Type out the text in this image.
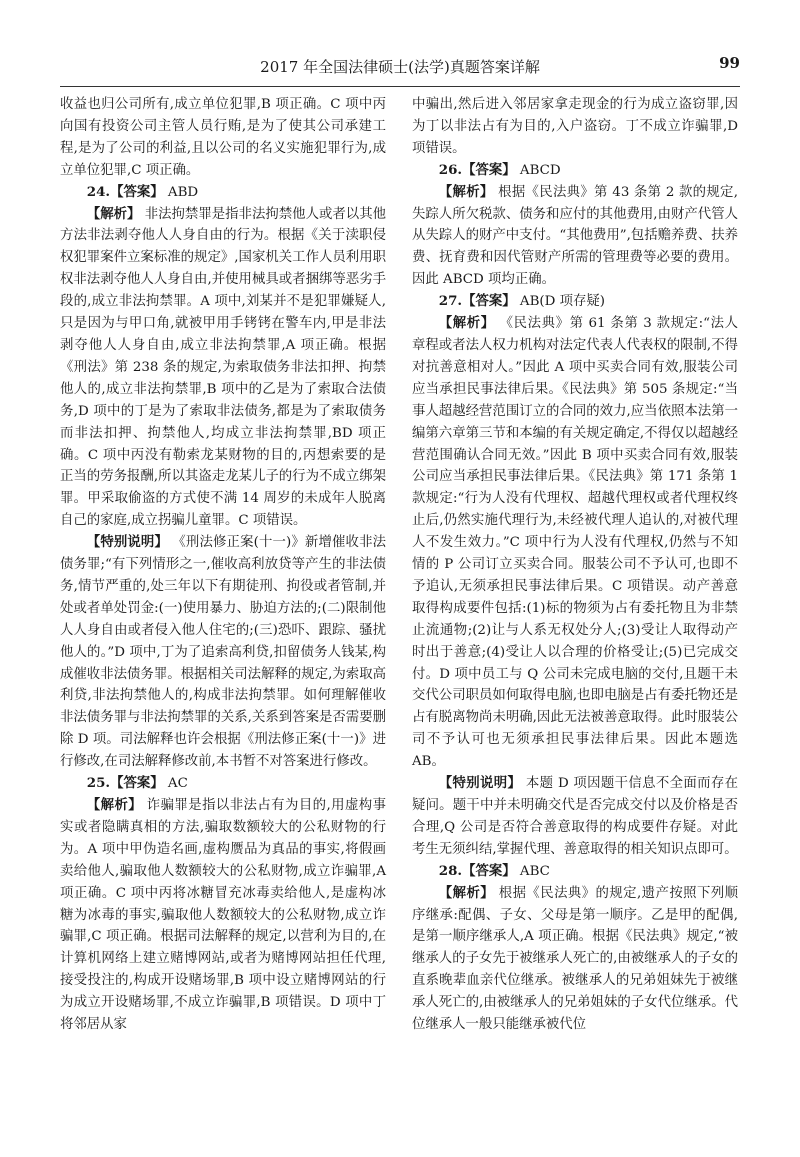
2017 年全国法律硕士(法学)真题答案详解	99

收益也归公司所有,成立单位犯罪,B 项正确。C 项中丙向国有投资公司主管人员行贿,是为了使其公司承建工程,是为了公司的利益,且以公司的名义实施犯罪行为,成立单位犯罪,C 项正确。

24.【答案】 ABD

【解析】 非法拘禁罪是指非法拘禁他人或者以其他方法非法剥夺他人人身自由的行为。根据《关于渎职侵权犯罪案件立案标准的规定》,国家机关工作人员利用职权非法剥夺他人人身自由,并使用械具或者捆绑等恶劣手段的,成立非法拘禁罪。A 项中,刘某并不是犯罪嫌疑人,只是因为与甲口角,就被甲用手铐铐在警车内,甲是非法剥夺他人人身自由,成立非法拘禁罪,A 项正确。根据《刑法》第 238 条的规定,为索取债务非法扣押、拘禁他人的,成立非法拘禁罪,B 项中的乙是为了索取合法债务,D 项中的丁是为了索取非法债务,都是为了索取债务而非法扣押、拘禁他人,均成立非法拘禁罪,BD 项正确。C 项中丙没有勒索龙某财物的目的,丙想索要的是正当的劳务报酬,所以其盗走龙某儿子的行为不成立绑架罪。甲采取偷盗的方式使不满 14 周岁的未成年人脱离自己的家庭,成立拐骗儿童罪。C 项错误。

【特别说明】 《刑法修正案(十一)》新增催收非法债务罪;“有下列情形之一,催收高利放贷等产生的非法债务,情节严重的,处三年以下有期徒刑、拘役或者管制,并处或者单处罚金:(一)使用暴力、胁迫方法的;(二)限制他人人身自由或者侵入他人住宅的;(三)恐吓、跟踪、骚扰他人的。”D 项中,丁为了追索高利贷,扣留债务人钱某,构成催收非法债务罪。根据相关司法解释的规定,为索取高利贷,非法拘禁他人的,构成非法拘禁罪。如何理解催收非法债务罪与非法拘禁罪的关系,关系到答案是否需要删除 D 项。司法解释也许会根据《刑法修正案(十一)》进行修改,在司法解释修改前,本书暂不对答案进行修改。

25.【答案】 AC

【解析】 诈骗罪是指以非法占有为目的,用虚构事实或者隐瞒真相的方法,骗取数额较大的公私财物的行为。A 项中甲伪造名画,虚构赝品为真品的事实,将假画卖给他人,骗取他人数额较大的公私财物,成立诈骗罪,A 项正确。C 项中丙将冰糖冒充冰毒卖给他人,是虚构冰糖为冰毒的事实,骗取他人数额较大的公私财物,成立诈骗罪,C 项正确。根据司法解释的规定,以营利为目的,在计算机网络上建立赌博网站,或者为赌博网站担任代理,接受投注的,构成开设赌场罪,B 项中设立赌博网站的行为成立开设赌场罪,不成立诈骗罪,B 项错误。D 项中丁将邻居从家

中骗出,然后进入邻居家拿走现金的行为成立盗窃罪,因为丁以非法占有为目的,入户盗窃。丁不成立诈骗罪,D 项错误。

26.【答案】 ABCD

【解析】 根据《民法典》第 43 条第 2 款的规定,失踪人所欠税款、债务和应付的其他费用,由财产代管人从失踪人的财产中支付。“其他费用”,包括赡养费、扶养费、抚育费和因代管财产所需的管理费等必要的费用。因此 ABCD 项均正确。

27.【答案】 AB(D 项存疑)

【解析】 《民法典》第 61 条第 3 款规定:“法人章程或者法人权力机构对法定代表人代表权的限制,不得对抗善意相对人。”因此 A 项中买卖合同有效,服装公司应当承担民事法律后果。《民法典》第 505 条规定:“当事人超越经营范围订立的合同的效力,应当依照本法第一编第六章第三节和本编的有关规定确定,不得仅以超越经营范围确认合同无效。”因此 B 项中买卖合同有效,服装公司应当承担民事法律后果。《民法典》第 171 条第 1 款规定:“行为人没有代理权、超越代理权或者代理权终止后,仍然实施代理行为,未经被代理人追认的,对被代理人不发生效力。”C 项中行为人没有代理权,仍然与不知情的 P 公司订立买卖合同。服装公司不予认可,也即不予追认,无须承担民事法律后果。C 项错误。动产善意取得构成要件包括:(1)标的物须为占有委托物且为非禁止流通物;(2)让与人系无权处分人;(3)受让人取得动产时出于善意;(4)受让人以合理的价格受让;(5)已完成交付。D 项中员工与 Q 公司未完成电脑的交付,且题干未交代公司职员如何取得电脑,也即电脑是占有委托物还是占有脱离物尚未明确,因此无法被善意取得。此时服装公司不予认可也无须承担民事法律后果。因此本题选 AB。

【特别说明】 本题 D 项因题干信息不全面而存在疑问。题干中并未明确交代是否完成交付以及价格是否合理,Q 公司是否符合善意取得的构成要件存疑。对此考生无须纠结,掌握代理、善意取得的相关知识点即可。

28.【答案】 ABC

【解析】 根据《民法典》的规定,遗产按照下列顺序继承:配偶、子女、父母是第一顺序。乙是甲的配偶,是第一顺序继承人,A 项正确。根据《民法典》规定,“被继承人的子女先于被继承人死亡的,由被继承人的子女的直系晚辈血亲代位继承。被继承人的兄弟姐妹先于被继承人死亡的,由被继承人的兄弟姐妹的子女代位继承。代位继承人一般只能继承被代位
